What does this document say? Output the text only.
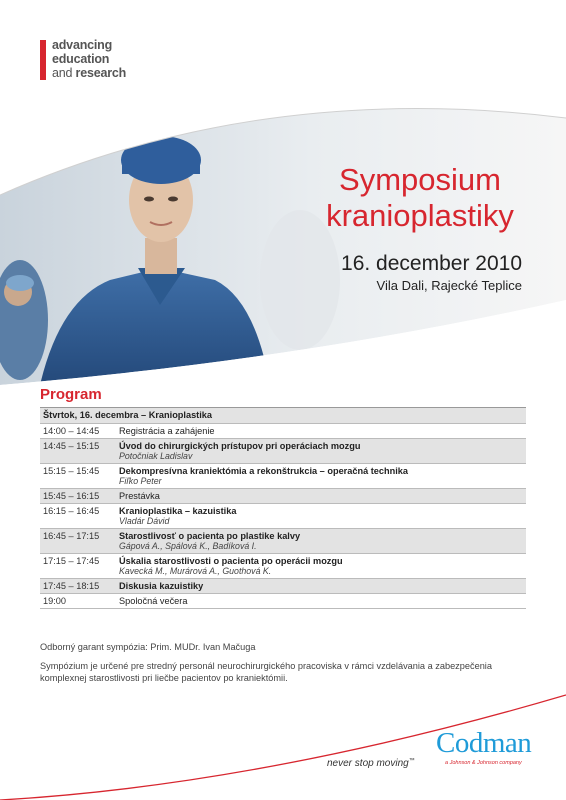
advancing
education
and research
Symposium
kranioplastiky
16. december 2010
Vila Dali, Rajecké Teplice
Program
Štvrtok, 16. decembra – Kranioplastika
14:00 – 14:45	Registrácia a zahájenie
14:45 – 15:15	Úvod do chirurgických prístupov pri operáciach mozgu
Potočniak Ladislav
15:15 – 15:45	Dekompresívna kraniektómia a rekonštrukcia – operačná technika
Fiľko Peter
15:45 – 16:15	Prestávka
16:15 – 16:45	Kranioplastika – kazuistika
Vladár Dávid
16:45 – 17:15	Starostlivosť o pacienta po plastike kalvy
Gápová A., Spálová K., Badíková I.
17:15 – 17:45	Úskalia starostlivosti o pacienta po operácii mozgu
Kavecká M., Murárová A., Guothová K.
17:45 – 18:15	Diskusia kazuistiky
19:00	Spoločná večera
Odborný garant sympózia: Prim. MUDr. Ivan Mačuga
Sympózium je určené pre stredný personál neurochirurgického pracoviska v rámci vzdelávania a zabezpečenia komplexnej starostlivosti pri liečbe pacientov po kraniektómii.
never stop moving™
Codman
a Johnson & Johnson company
